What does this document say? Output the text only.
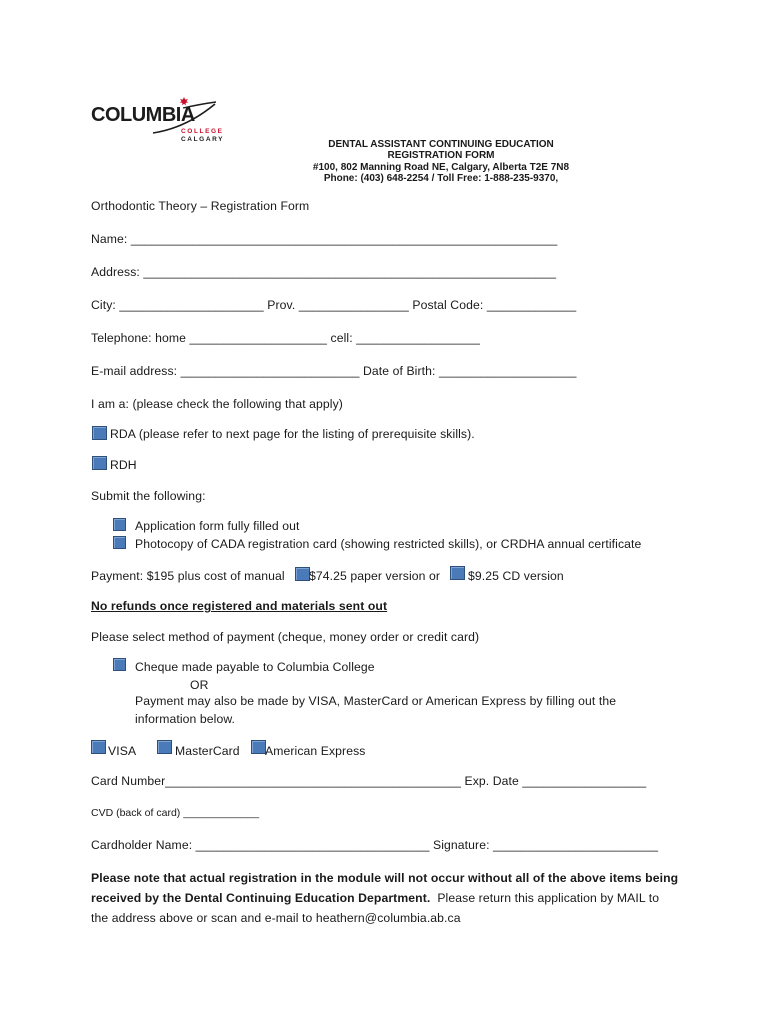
COLUMBIA
COLLEGE
CALGARY	DENTAL ASSISTANT CONTINUING EDUCATION
REGISTRATION FORM
#100, 802 Manning Road NE, Calgary, Alberta T2E 7N8
Phone: (403) 648-2254 / Toll Free: 1-888-235-9370,
Orthodontic Theory – Registration Form
Name: ______________________________________________________________
Address: ____________________________________________________________
City: _____________________ Prov. ________________ Postal Code: _____________
Telephone: home ____________________ cell: __________________
E-mail address: __________________________ Date of Birth: ____________________
I am a: (please check the following that apply)
RDA (please refer to next page for the listing of prerequisite skills).
RDH
Submit the following:
Application form fully filled out
Photocopy of CADA registration card (showing restricted skills), or CRDHA annual certificate
Payment: $195 plus cost of manual $74.25 paper version or $9.25 CD version
No refunds once registered and materials sent out
Please select method of payment (cheque, money order or credit card)
Cheque made payable to Columbia College
OR
Payment may also be made by VISA, MasterCard or American Express by filling out the
information below.
VISA	MasterCard American Express
Card Number___________________________________________ Exp. Date __________________
CVD (back of card) _____________
Cardholder Name: __________________________________ Signature: ________________________
Please note that actual registration in the module will not occur without all of the above items being
received by the Dental Continuing Education Department.  Please return this application by MAIL to
the address above or scan and e-mail to heathern@columbia.ab.ca
